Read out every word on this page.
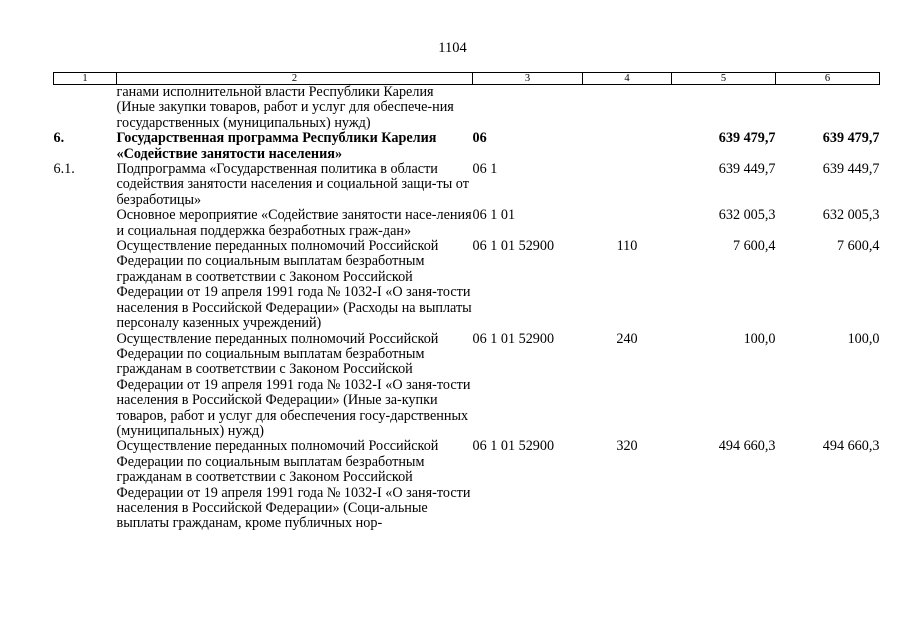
1104
1	2	3	4	5	6
	ганами исполнительной власти Республики Карелия (Иные закупки товаров, работ и услуг для обеспече-ния государственных (муниципальных) нужд)				
6.	Государственная программа Республики Карелия «Содействие занятости населения»	06		639 479,7	639 479,7
6.1.	Подпрограмма «Государственная политика в области содействия занятости населения и социальной защи-ты от безработицы»	06 1		639 449,7	639 449,7
	Основное мероприятие «Содействие занятости насе-ления и социальная поддержка безработных граж-дан»	06 1 01		632 005,3	632 005,3
	Осуществление переданных полномочий Российской Федерации по социальным выплатам безработным гражданам в соответствии с Законом Российской Федерации от 19 апреля 1991 года № 1032-I «О заня-тости населения в Российской Федерации» (Расходы на выплаты персоналу казенных учреждений)	06 1 01 52900	110	7 600,4	7 600,4
	Осуществление переданных полномочий Российской Федерации по социальным выплатам безработным гражданам в соответствии с Законом Российской Федерации от 19 апреля 1991 года № 1032-I «О заня-тости населения в Российской Федерации» (Иные за-купки товаров, работ и услуг для обеспечения госу-дарственных (муниципальных) нужд)	06 1 01 52900	240	100,0	100,0
	Осуществление переданных полномочий Российской Федерации по социальным выплатам безработным гражданам в соответствии с Законом Российской Федерации от 19 апреля 1991 года № 1032-I «О заня-тости населения в Российской Федерации» (Соци-альные выплаты гражданам, кроме публичных нор-	06 1 01 52900	320	494 660,3	494 660,3
